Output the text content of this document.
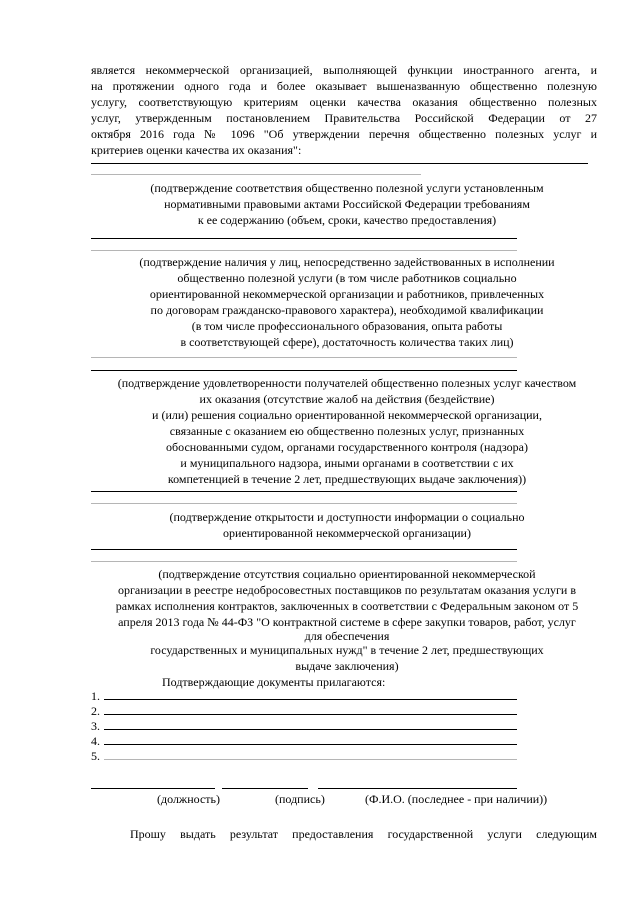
является некоммерческой организацией, выполняющей функции иностранного агента, и
на протяжении одного года и более оказывает вышеназванную общественно полезную
услугу, соответствующую критериям оценки качества оказания общественно полезных
услуг, утвержденным постановлением Правительства Российской Федерации от 27
октября 2016 года № 1096 "Об утверждении перечня общественно полезных услуг и
критериев оценки качества их оказания":
(подтверждение соответствия общественно полезной услуги установленным
нормативными правовыми актами Российской Федерации требованиям
к ее содержанию (объем, сроки, качество предоставления)
(подтверждение наличия у лиц, непосредственно задействованных в исполнении
общественно полезной услуги (в том числе работников социально
ориентированной некоммерческой организации и работников, привлеченных
по договорам гражданско-правового характера), необходимой квалификации
(в том числе профессионального образования, опыта работы
в соответствующей сфере), достаточность количества таких лиц)
(подтверждение удовлетворенности получателей общественно полезных услуг качеством
их оказания (отсутствие жалоб на действия (бездействие)
и (или) решения социально ориентированной некоммерческой организации,
связанные с оказанием ею общественно полезных услуг, признанных
обоснованными судом, органами государственного контроля (надзора)
и муниципального надзора, иными органами в соответствии с их
компетенцией в течение 2 лет, предшествующих выдаче заключения))
(подтверждение открытости и доступности информации о социально
ориентированной некоммерческой организации)
(подтверждение отсутствия социально ориентированной некоммерческой
организации в реестре недобросовестных поставщиков по результатам оказания услуги в
рамках исполнения контрактов, заключенных в соответствии с Федеральным законом от 5
апреля 2013 года № 44-ФЗ "О контрактной системе в сфере закупки товаров, работ, услуг
для обеспечения
государственных и муниципальных нужд" в течение 2 лет, предшествующих
выдаче заключения)
Подтверждающие документы прилагаются:
1.
2.
3.
4.
5.
(должность)	(подпись)	(Ф.И.О. (последнее - при наличии))
Прошу выдать результат предоставления государственной услуги следующим
